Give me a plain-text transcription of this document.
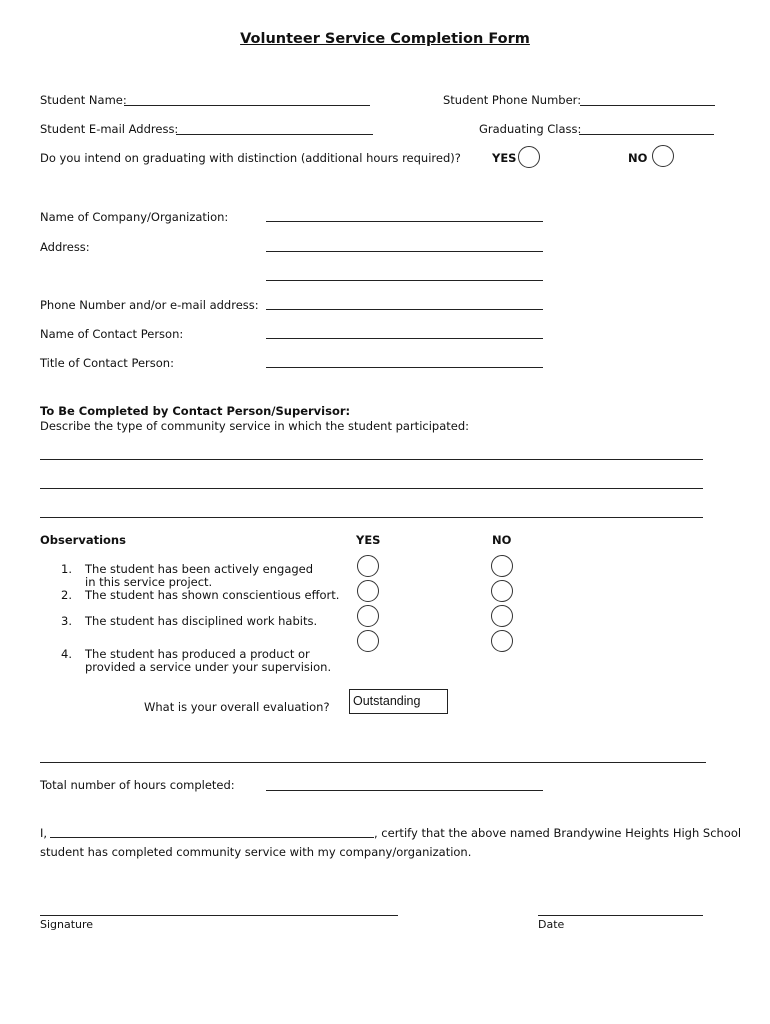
Volunteer Service Completion Form
Student Name:	Student Phone Number:
Student E-mail Address:	Graduating Class:
Do you intend on graduating with distinction (additional hours required)?	YES	NO
Name of Company/Organization:
Address:
Phone Number and/or e-mail address:
Name of Contact Person:
Title of Contact Person:
To Be Completed by Contact Person/Supervisor:
Describe the type of community service in which the student participated:
Observations	YES	NO
1. The student has been actively engaged
in this service project.
2. The student has shown conscientious effort.
3. The student has disciplined work habits.
4. The student has produced a product or
provided a service under your supervision.
What is your overall evaluation?	Outstanding
Total number of hours completed:
I,	, certify that the above named Brandywine Heights High School
student has completed community service with my company/organization.
Signature	Date
